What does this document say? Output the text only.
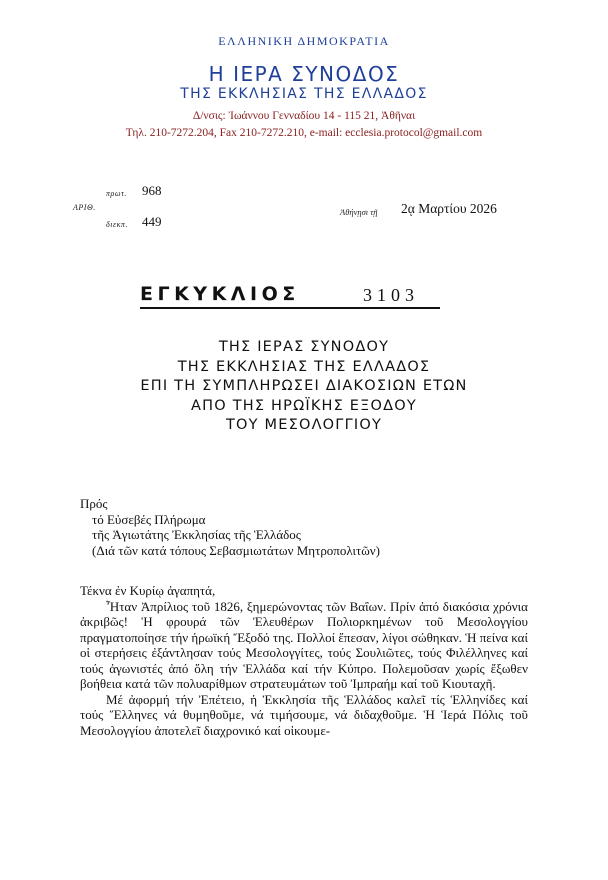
ΕΛΛΗΝΙΚΗ ΔΗΜΟΚΡΑΤΙΑ
Η ΙΕΡΑ ΣΥΝΟΔΟΣ
ΤΗΣ ΕΚΚΛΗΣΙΑΣ ΤΗΣ ΕΛΛΑΔΟΣ
Δ/νσις: Ἰωάννου Γενναδίου 14 - 115 21, Ἀθῆναι
Τηλ. 210-7272.204, Fax 210-7272.210, e-mail: ecclesia.protocol@gmail.com
πρωτ. 968
ΑΡΙΘ.
διεκπ. 449
Ἀθήνῃσι τῇ 2ᾳ Μαρτίου 2026
ΕΓΚΥΚΛΙΟΣ	3103
ΤΗΣ ΙΕΡΑΣ ΣΥΝΟΔΟΥ
ΤΗΣ ΕΚΚΛΗΣΙΑΣ ΤΗΣ ΕΛΛΑΔΟΣ
ΕΠΙ ΤΗ ΣΥΜΠΛΗΡΩΣΕΙ ΔΙΑΚΟΣΙΩΝ ΕΤΩΝ
ΑΠΟ ΤΗΣ ΗΡΩΪΚΗΣ ΕΞΟΔΟΥ
ΤΟΥ ΜΕΣΟΛΟΓΓΙΟΥ
Πρός
τό Εὐσεβές Πλήρωμα
τῆς Ἁγιωτάτης Ἐκκλησίας τῆς Ἑλλάδος
(Διά τῶν κατά τόπους Σεβασμιωτάτων Μητροπολιτῶν)

Τέκνα ἐν Κυρίῳ ἀγαπητά,

Ἦταν Ἀπρίλιος τοῦ 1826, ξημερώνοντας τῶν Βαΐων. Πρίν ἀπό διακόσια χρόνια ἀκριβῶς! Ἡ φρουρά τῶν Ἐλευθέρων Πολιορκημένων τοῦ Μεσολογγίου πραγματοποίησε τήν ἡρωϊκή Ἔξοδό της. Πολλοί ἔπεσαν, λίγοι σώθηκαν. Ἡ πείνα καί οἱ στερήσεις ἐξάντλησαν τούς Μεσολογγίτες, τούς Σουλιῶτες, τούς Φιλέλληνες καί τούς ἀγωνιστές ἀπό ὅλη τήν Ἑλλάδα καί τήν Κύπρο. Πολεμοῦσαν χωρίς ἔξωθεν βοήθεια κατά τῶν πολυαρίθμων στρατευμάτων τοῦ Ἰμπραήμ καί τοῦ Κιουταχῆ.

Μέ ἀφορμή τήν Ἐπέτειο, ἡ Ἐκκλησία τῆς Ἑλλάδος καλεῖ τίς Ἑλληνίδες καί τούς Ἕλληνες νά θυμηθοῦμε, νά τιμήσουμε, νά διδαχθοῦμε. Ἡ Ἱερά Πόλις τοῦ Μεσολογγίου ἀποτελεῖ διαχρονικό καί οἰκουμε-
